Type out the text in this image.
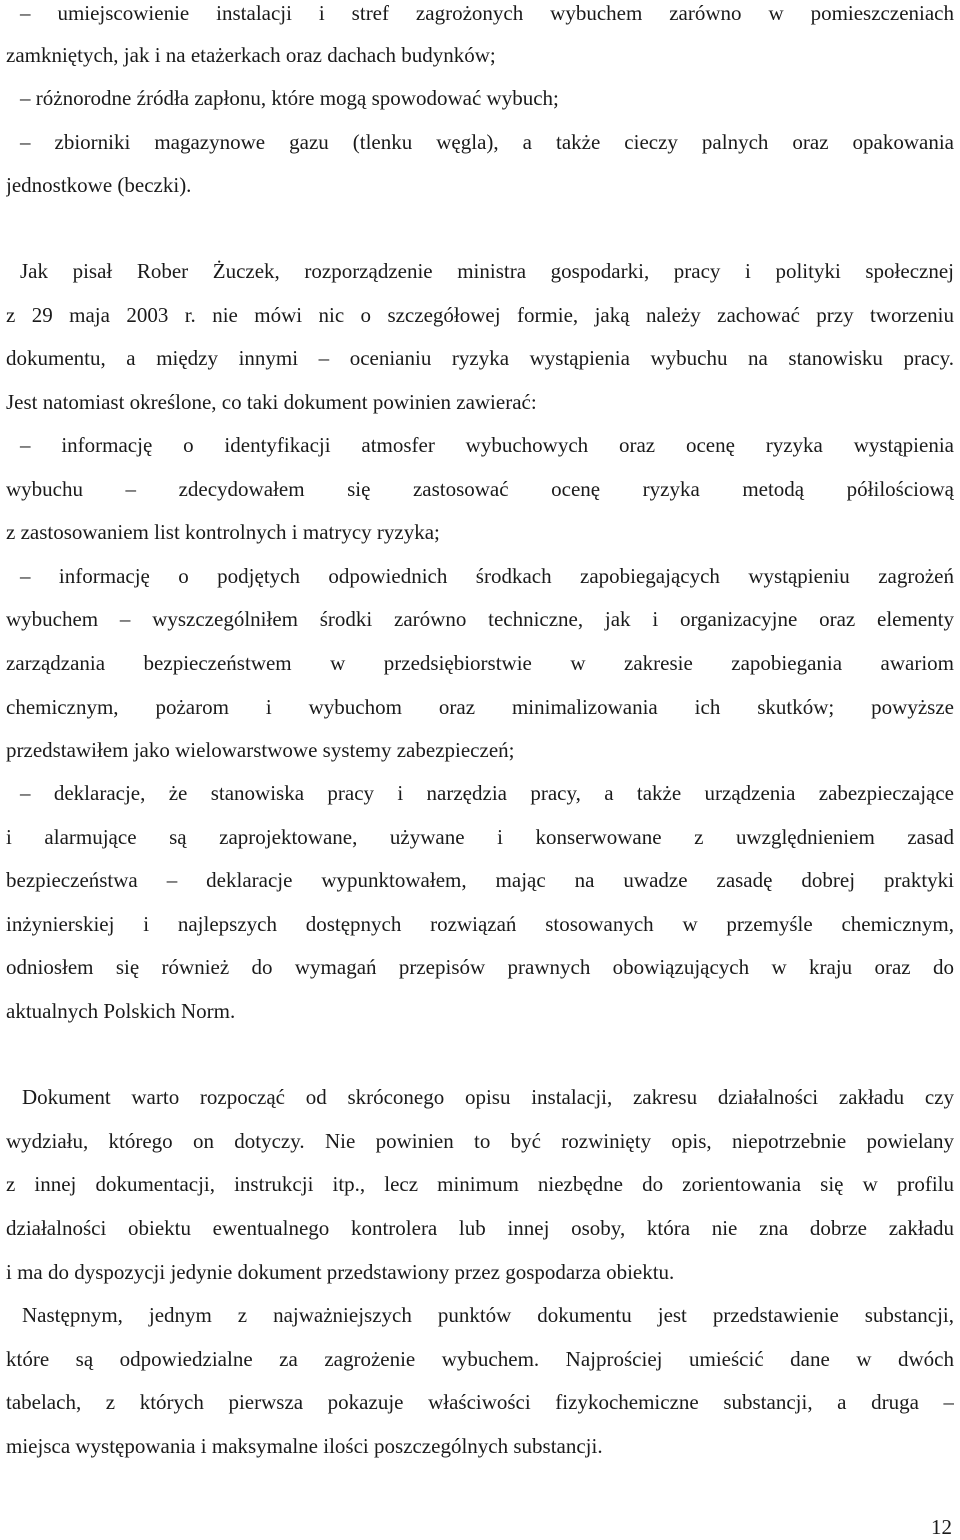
– umiejscowienie instalacji i stref zagrożonych wybuchem zarówno w pomieszczeniach
zamkniętych, jak i na etażerkach oraz dachach budynków;
– różnorodne źródła zapłonu, które mogą spowodować wybuch;
– zbiorniki magazynowe gazu (tlenku węgla), a także cieczy palnych oraz opakowania
jednostkowe (beczki).
Jak pisał Rober Żuczek, rozporządzenie ministra gospodarki, pracy i polityki społecznej
z 29 maja 2003 r. nie mówi nic o szczegółowej formie, jaką należy zachować przy tworzeniu
dokumentu, a między innymi – ocenianiu ryzyka wystąpienia wybuchu na stanowisku pracy.
Jest natomiast określone, co taki dokument powinien zawierać:
– informację o identyfikacji atmosfer wybuchowych oraz ocenę ryzyka wystąpienia
wybuchu – zdecydowałem się zastosować ocenę ryzyka metodą półilościową
z zastosowaniem list kontrolnych i matrycy ryzyka;
– informację o podjętych odpowiednich środkach zapobiegających wystąpieniu zagrożeń
wybuchem – wyszczególniłem środki zarówno techniczne, jak i organizacyjne oraz elementy
zarządzania bezpieczeństwem w przedsiębiorstwie w zakresie zapobiegania awariom
chemicznym, pożarom i wybuchom oraz minimalizowania ich skutków; powyższe
przedstawiłem jako wielowarstwowe systemy zabezpieczeń;
– deklaracje, że stanowiska pracy i narzędzia pracy, a także urządzenia zabezpieczające
i alarmujące są zaprojektowane, używane i konserwowane z uwzględnieniem zasad
bezpieczeństwa – deklaracje wypunktowałem, mając na uwadze zasadę dobrej praktyki
inżynierskiej i najlepszych dostępnych rozwiązań stosowanych w przemyśle chemicznym,
odniosłem się również do wymagań przepisów prawnych obowiązujących w kraju oraz do
aktualnych Polskich Norm.
Dokument warto rozpocząć od skróconego opisu instalacji, zakresu działalności zakładu czy
wydziału, którego on dotyczy. Nie powinien to być rozwinięty opis, niepotrzebnie powielany
z innej dokumentacji, instrukcji itp., lecz minimum niezbędne do zorientowania się w profilu
działalności obiektu ewentualnego kontrolera lub innej osoby, która nie zna dobrze zakładu
i ma do dyspozycji jedynie dokument przedstawiony przez gospodarza obiektu.
Następnym, jednym z najważniejszych punktów dokumentu jest przedstawienie substancji,
które są odpowiedzialne za zagrożenie wybuchem. Najprościej umieścić dane w dwóch
tabelach, z których pierwsza pokazuje właściwości fizykochemiczne substancji, a druga –
miejsca występowania i maksymalne ilości poszczególnych substancji.
12
